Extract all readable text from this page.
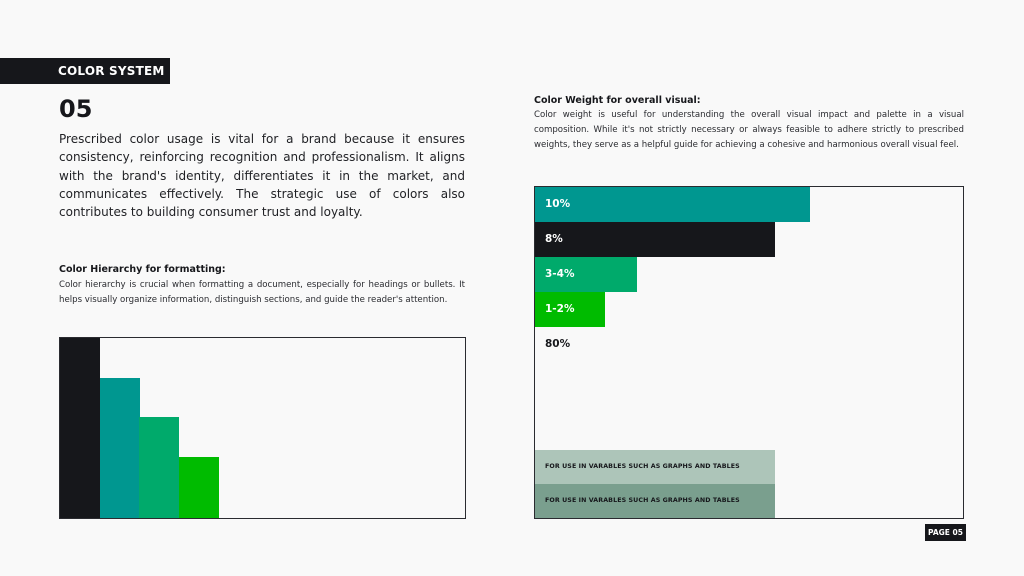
COLOR SYSTEM
05

Prescribed color usage is vital for a brand because it ensures consistency, reinforcing recognition and professionalism. It aligns with the brand's identity, differentiates it in the market, and communicates effectively. The strategic use of colors also contributes to building consumer trust and loyalty.

Color Hierarchy for formatting:

Color hierarchy is crucial when formatting a document, especially for headings or bullets. It helps visually organize information, distinguish sections, and guide the reader's attention.

Color Weight for overall visual:

Color weight is useful for understanding the overall visual impact and palette in a visual composition. While it's not strictly necessary or always feasible to adhere strictly to prescribed weights, they serve as a helpful guide for achieving a cohesive and harmonious overall visual feel.

10%
8%
3-4%
1-2%
80%
FOR USE IN VARABLES SUCH AS GRAPHS AND TABLES
FOR USE IN VARABLES SUCH AS GRAPHS AND TABLES
PAGE 05
